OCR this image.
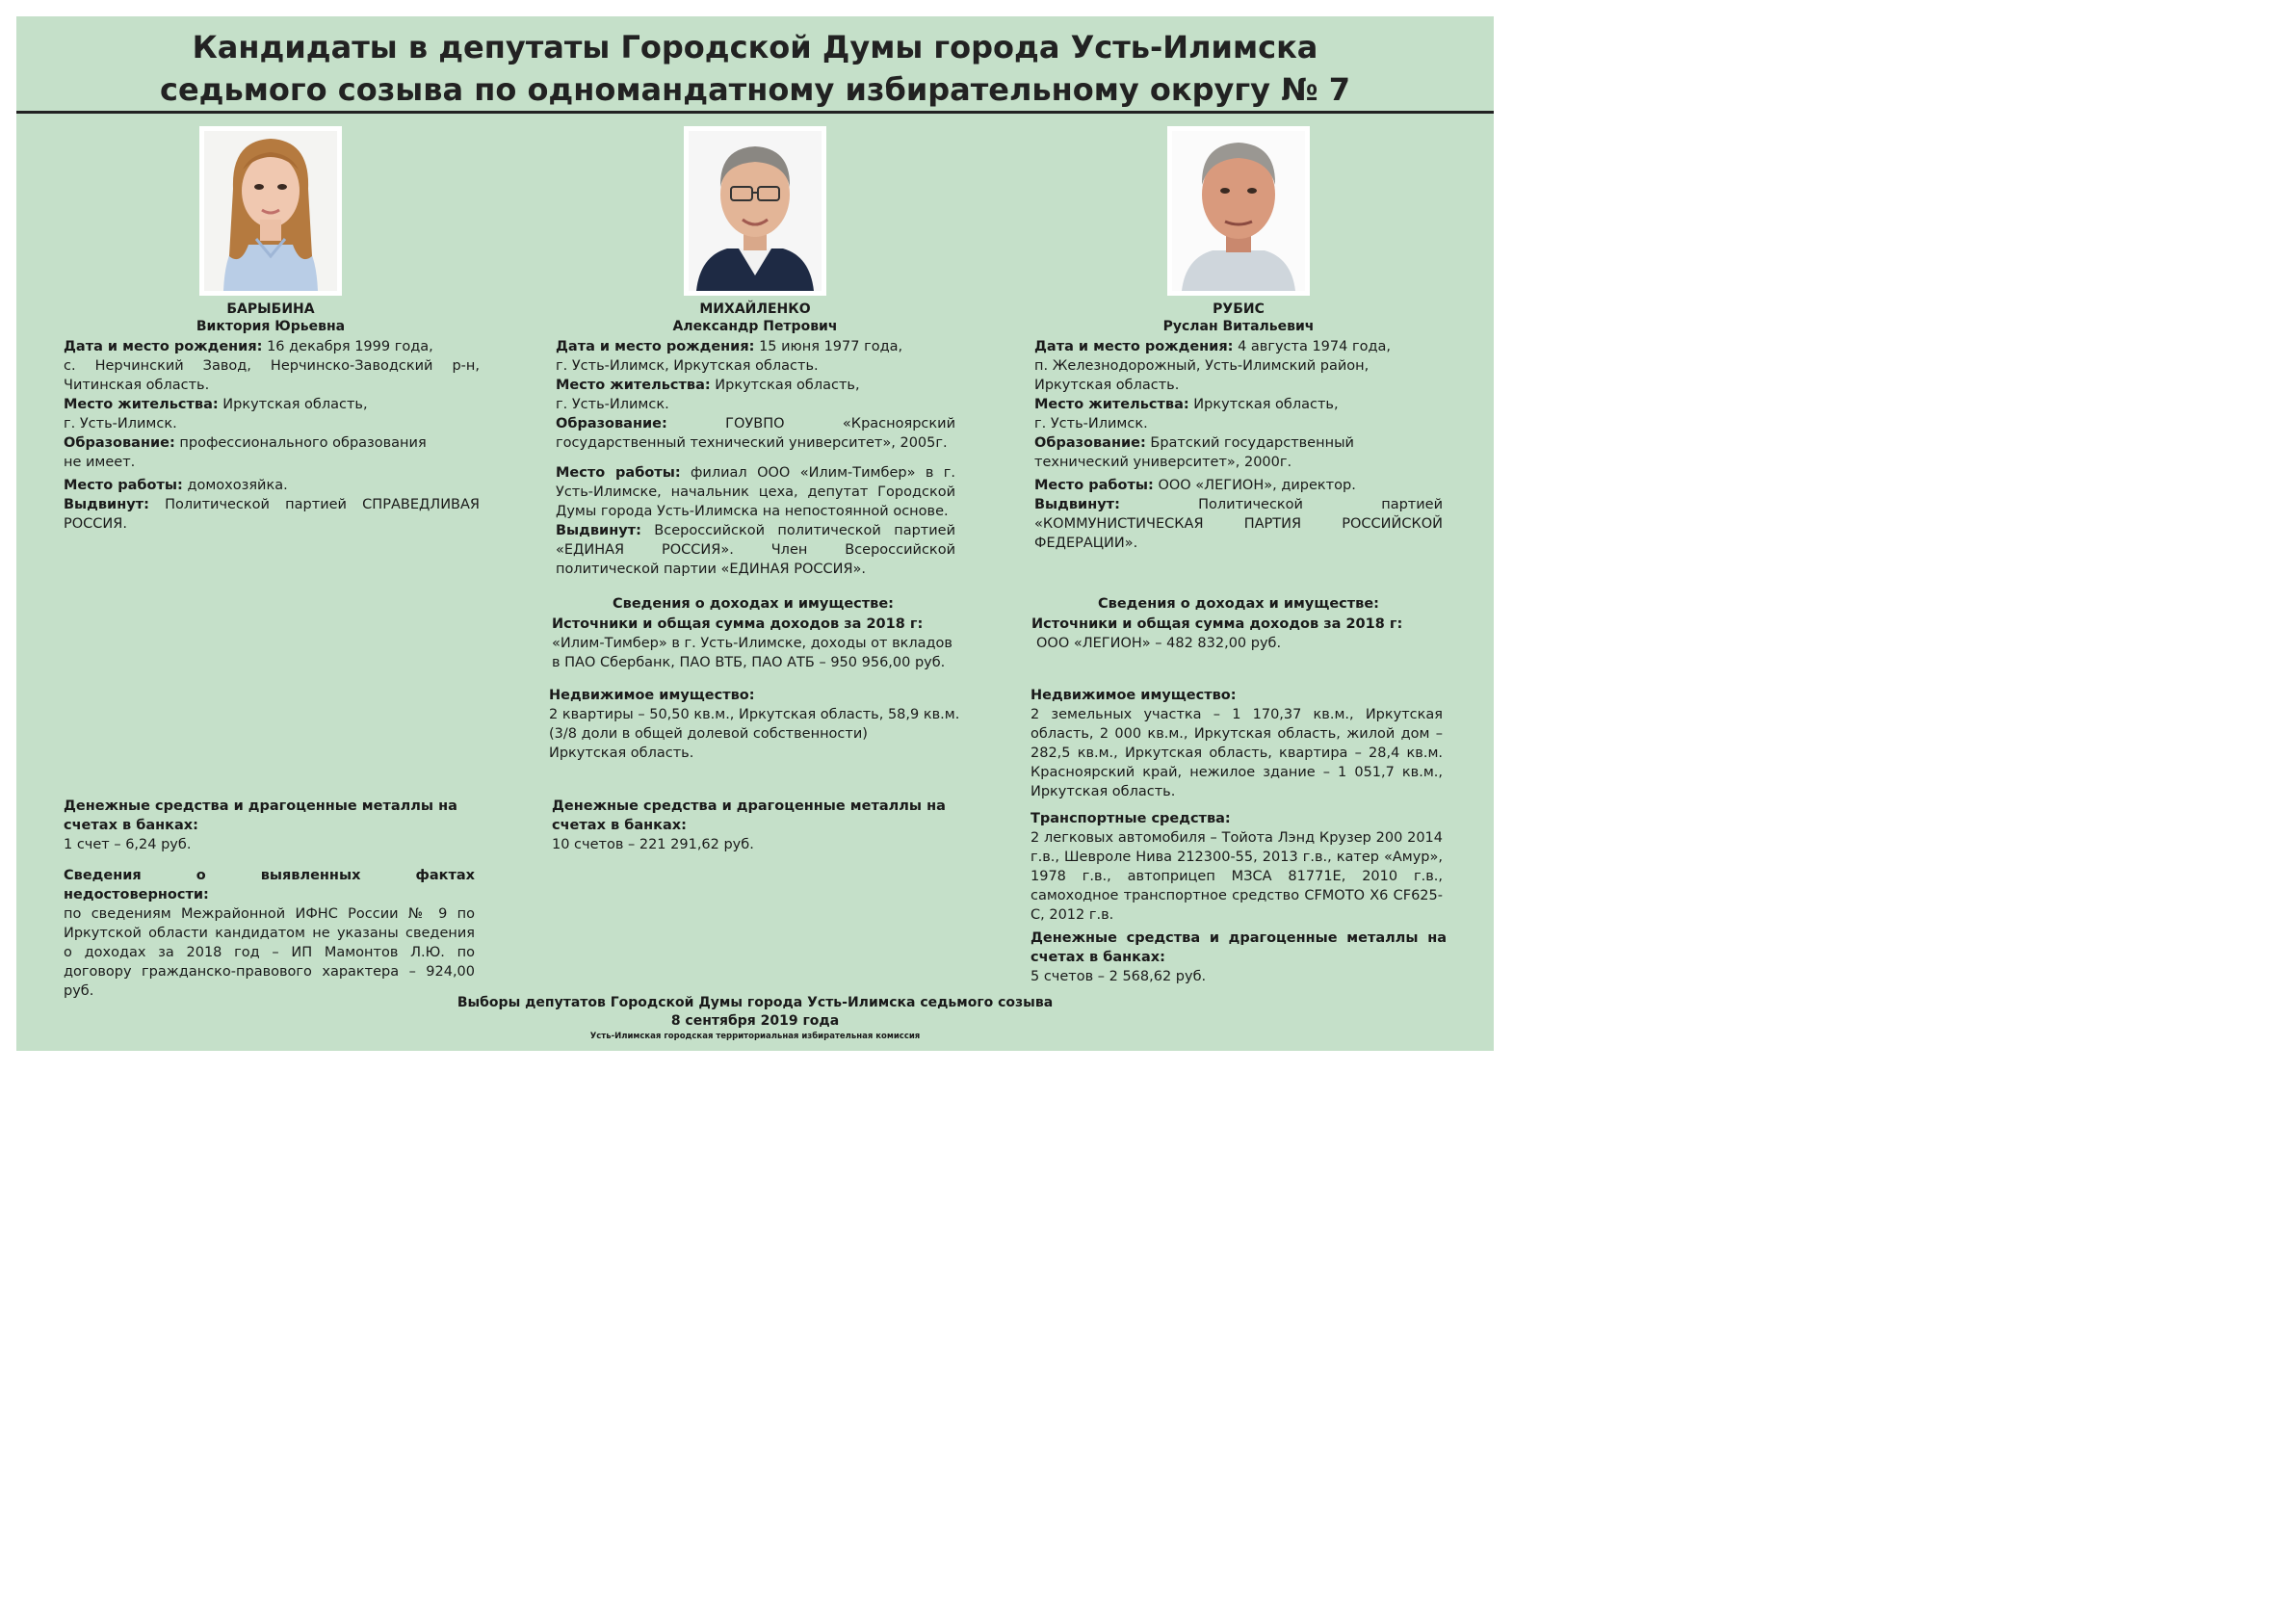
Кандидаты в депутаты Городской Думы города Усть-Илимска
седьмого созыва по одномандатному избирательному округу № 7
БАРЫБИНА
Виктория Юрьевна
Дата и место рождения: 16 декабря 1999 года,
с. Нерчинский Завод, Нерчинско-Заводский р-н,
Читинская область.
Место жительства: Иркутская область,
г. Усть-Илимск.
Образование: профессионального образования
не имеет.
Место работы: домохозяйка.
Выдвинут: Политической партией СПРАВЕДЛИВАЯ
РОССИЯ.
Денежные средства и драгоценные металлы на
счетах в банках:
1 счет – 6,24 руб.
Сведения о выявленных фактах
недостоверности:
по сведениям Межрайонной ИФНС России № 9 по Иркутской области кандидатом не указаны сведения о доходах за 2018 год – ИП Мамонтов Л.Ю. по договору гражданско-правового характера – 924,00 руб.
МИХАЙЛЕНКО
Александр Петрович
Дата и место рождения: 15 июня 1977 года,
г. Усть-Илимск, Иркутская область.
Место жительства: Иркутская область,
г. Усть-Илимск.
Образование:	ГОУВПО «Красноярский
государственный технический университет», 2005г.
Место работы: филиал ООО «Илим-Тимбер» в г. Усть-Илимске, начальник цеха, депутат Городской Думы города Усть-Илимска на непостоянной основе.
Выдвинут: Всероссийской политической партией «ЕДИНАЯ РОССИЯ». Член Всероссийской политической партии «ЕДИНАЯ РОССИЯ».
Сведения о доходах и имуществе:
Источники и общая сумма доходов за 2018 г:
«Илим-Тимбер» в г. Усть-Илимске, доходы от вкладов
в ПАО Сбербанк, ПАО ВТБ, ПАО АТБ – 950 956,00 руб.
Недвижимое имущество:
2 квартиры – 50,50 кв.м., Иркутская область, 58,9 кв.м.
(3/8 доли в общей долевой собственности)
Иркутская область.
Денежные средства и драгоценные металлы на
счетах в банках:
10 счетов – 221 291,62 руб.
РУБИС
Руслан Витальевич
Дата и место рождения: 4 августа 1974 года,
п. Железнодорожный, Усть-Илимский район,
Иркутская область.
Место жительства: Иркутская область,
г. Усть-Илимск.
Образование: Братский государственный
технический университет», 2000г.
Место работы: ООО «ЛЕГИОН», директор.
Выдвинут:	Политической партией «КОММУНИСТИЧЕСКАЯ ПАРТИЯ РОССИЙСКОЙ ФЕДЕРАЦИИ».
Сведения о доходах и имуществе:
Источники и общая сумма доходов за 2018 г:
ООО «ЛЕГИОН» – 482 832,00 руб.
Недвижимое имущество:
2 земельных участка – 1 170,37 кв.м., Иркутская область, 2 000 кв.м., Иркутская область, жилой дом – 282,5 кв.м., Иркутская область, квартира – 28,4 кв.м. Красноярский край, нежилое здание – 1 051,7 кв.м., Иркутская область.
Транспортные средства:
2 легковых автомобиля – Тойота Лэнд Крузер 200 2014 г.в., Шевроле Нива 212300-55, 2013 г.в., катер «Амур», 1978 г.в., автоприцеп МЗСА 81771Е, 2010 г.в., самоходное транспортное средство CFMOTO X6 CF625-С, 2012 г.в.
Денежные средства и драгоценные металлы на
счетах в банках:
5 счетов – 2 568,62 руб.
Выборы депутатов Городской Думы города Усть-Илимска седьмого созыва
8 сентября 2019 года
Усть-Илимская городская территориальная избирательная комиссия
